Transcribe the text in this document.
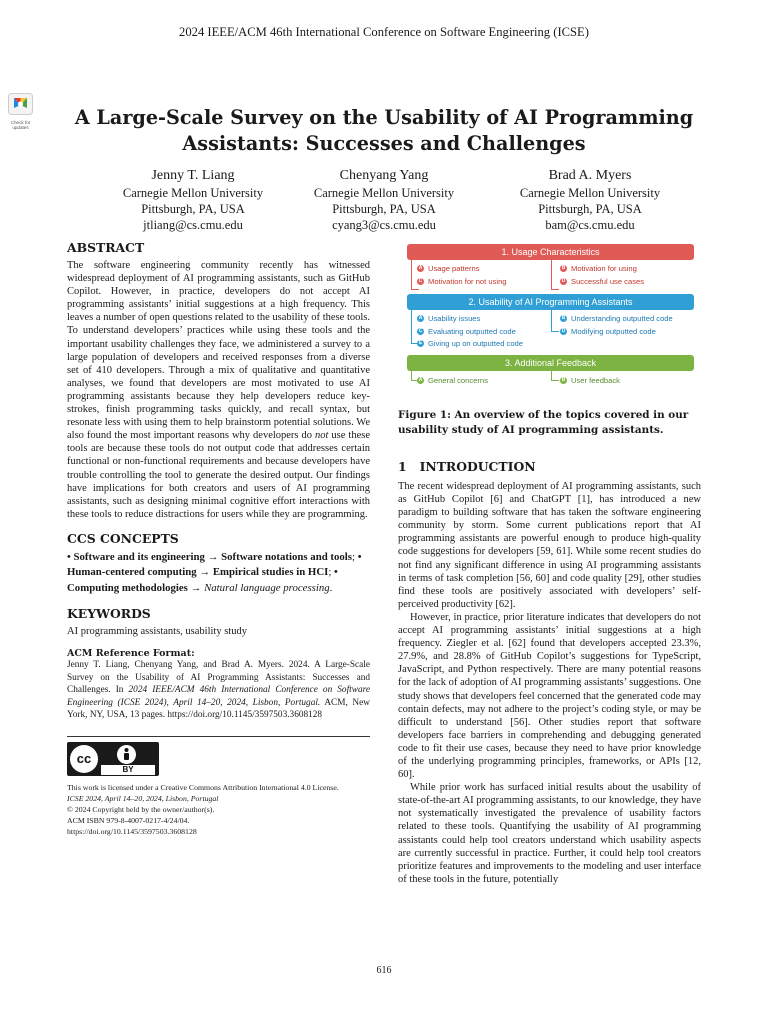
2024 IEEE/ACM 46th International Conference on Software Engineering (ICSE)
Check for
updates A Large-Scale Survey on the Usability of AI Programming Assistants: Successes and Challenges
Jenny T. Liang
Carnegie Mellon University
Pittsburgh, PA, USA
jtliang@cs.cmu.edu
Chenyang Yang
Carnegie Mellon University
Pittsburgh, PA, USA
cyang3@cs.cmu.edu
Brad A. Myers
Carnegie Mellon University
Pittsburgh, PA, USA
bam@cs.cmu.edu
ABSTRACT

The software engineering community recently has witnessed widespread deployment of AI programming assistants, such as GitHub Copilot. However, in practice, developers do not accept AI programming assistants’ initial suggestions at a high frequency. This leaves a number of open questions related to the usability of these tools. To understand developers’ practices while using these tools and the important usability challenges they face, we administered a survey to a large population of developers and received responses from a diverse set of 410 developers. Through a mix of qualitative and quantitative analyses, we found that developers are most motivated to use AI programming assistants because they help developers reduce key-strokes, finish programming tasks quickly, and recall syntax, but resonate less with using them to help brainstorm potential solutions. We also found the most important reasons why developers do not use these tools are because these tools do not output code that addresses certain functional or non-functional requirements and because developers have trouble controlling the tool to generate the desired output. Our findings have implications for both creators and users of AI programming assistants, such as designing minimal cognitive effort interactions with these tools to reduce distractions for users while they are programming.

CCS CONCEPTS

• Software and its engineering → Software notations and tools; • Human-centered computing → Empirical studies in HCI; • Computing methodologies → Natural language processing.

KEYWORDS

AI programming assistants, usability study

ACM Reference Format:

Jenny T. Liang, Chenyang Yang, and Brad A. Myers. 2024. A Large-Scale Survey on the Usability of AI Programming Assistants: Successes and Challenges. In 2024 IEEE/ACM 46th International Conference on Software Engineering (ICSE 2024), April 14–20, 2024, Lisbon, Portugal. ACM, New York, NY, USA, 13 pages. https://doi.org/10.1145/3597503.3608128

cc
BY
This work is licensed under a Creative Commons Attribution International 4.0 License.
ICSE 2024, April 14–20, 2024, Lisbon, Portugal
© 2024 Copyright held by the owner/author(s).
ACM ISBN 979-8-4007-0217-4/24/04.
https://doi.org/10.1145/3597503.3608128
1. Usage Characteristics
A Usage patterns	B Motivation for using
C Motivation for not using	D Successful use cases
2. Usability of AI Programming Assistants
A Usability issues	B Understanding outputted code
C Evaluating outputted code	D Modifying outputted code
E Giving up on outputted code
3. Additional Feedback
A General concerns	B User feedback
Figure 1: An overview of the topics covered in our usability study of AI programming assistants.
1 INTRODUCTION

The recent widespread deployment of AI programming assistants, such as GitHub Copilot [6] and ChatGPT [1], has introduced a new paradigm to building software that has taken the software engineering community by storm. Some current publications report that AI programming assistants are powerful enough to produce high-quality code suggestions for developers [59, 61]. While some recent studies do not find any significant difference in using AI programming assistants in terms of task completion [56, 60] and code quality [29], other studies find these tools are positively associated with developers’ self-perceived productivity [62].

However, in practice, prior literature indicates that developers do not accept AI programming assistants’ initial suggestions at a high frequency. Ziegler et al. [62] found that developers accepted 23.3%, 27.9%, and 28.8% of GitHub Copilot’s suggestions for TypeScript, JavaScript, and Python respectively. There are many potential reasons for the lack of adoption of AI programming assistants’ suggestions. One study shows that developers feel concerned that the generated code may contain defects, may not adhere to the project’s coding style, or may be difficult to understand [56]. Other studies report that software developers face barriers in comprehending and debugging generated code to fit their use cases, because they need to have prior knowledge of the underlying programming principles, frameworks, or APIs [12, 60].

While prior work has surfaced initial results about the usability of state-of-the-art AI programming assistants, to our knowledge, they have not systematically investigated the prevalence of usability factors related to these tools. Quantifying the usability of AI programming assistants could help tool creators understand which usability aspects are currently successful in practice. Further, it could help tool creators prioritize features and improvements to the modeling and user interface of these tools in the future, potentially

616
